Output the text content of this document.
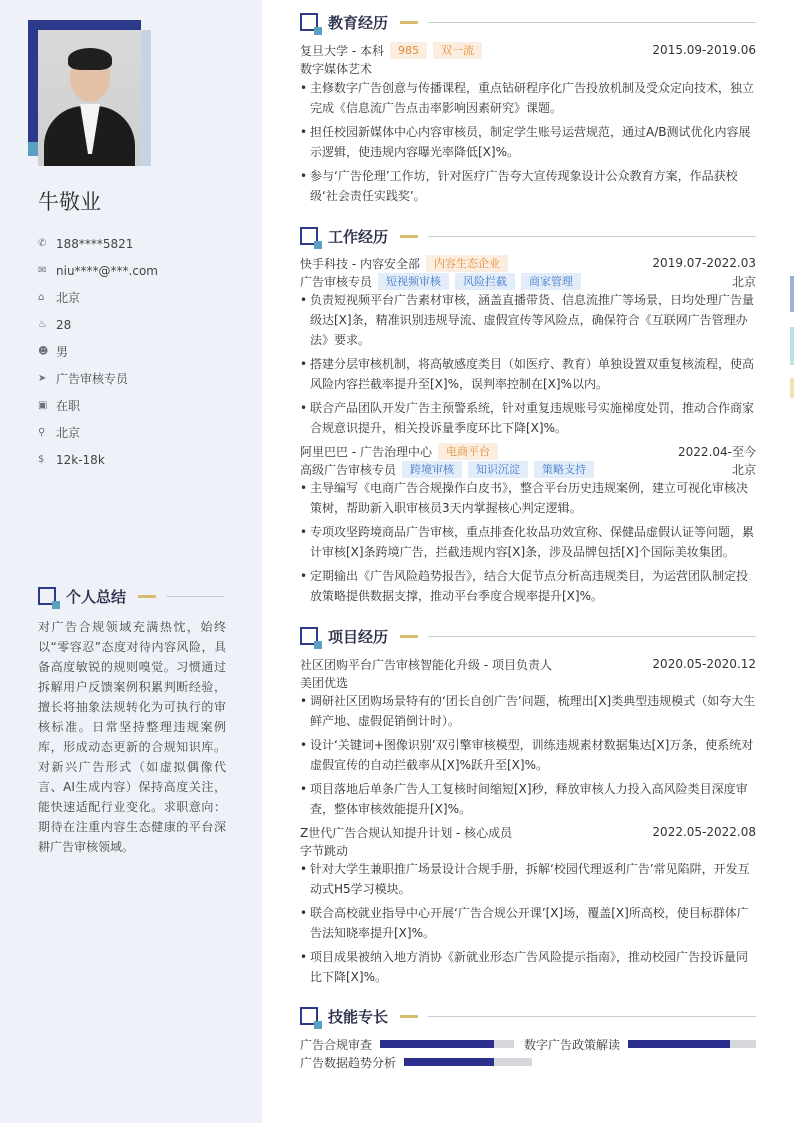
牛敬业
✆ 188****5821
✉ niu****@***.com
⌂ 北京
♨ 28
☻ 男
➤ 广告审核专员
▣ 在职
⚲ 北京
$ 12k-18k
个人总结
对广告合规领域充满热忱，始终以“零容忍”态度对待内容风险，具备高度敏锐的规则嗅觉。习惯通过拆解用户反馈案例积累判断经验，擅长将抽象法规转化为可执行的审核标准。日常坚持整理违规案例库，形成动态更新的合规知识库。对新兴广告形式（如虚拟偶像代言、AI生成内容）保持高度关注，能快速适配行业变化。求职意向：期待在注重内容生态健康的平台深耕广告审核领域。
教育经历
复旦大学 - 本科	985	双一流	2015.09-2019.06
数字媒体艺术
• 主修数字广告创意与传播课程，重点钻研程序化广告投放机制及受众定向技术，独立完成《信息流广告点击率影响因素研究》课题。
• 担任校园新媒体中心内容审核员，制定学生账号运营规范，通过A/B测试优化内容展示逻辑，使违规内容曝光率降低[X]%。
• 参与‘广告伦理’工作坊，针对医疗广告夸大宣传现象设计公众教育方案，作品获校级‘社会责任实践奖’。
工作经历
快手科技 - 内容安全部	内容生态企业	2019.07-2022.03
广告审核专员	短视频审核	风险拦截	商家管理	北京
• 负责短视频平台广告素材审核，涵盖直播带货、信息流推广等场景，日均处理广告量级达[X]条，精准识别违规导流、虚假宣传等风险点，确保符合《互联网广告管理办法》要求。
• 搭建分层审核机制，将高敏感度类目（如医疗、教育）单独设置双重复核流程，使高风险内容拦截率提升至[X]%，误判率控制在[X]%以内。
• 联合产品团队开发广告主预警系统，针对重复违规账号实施梯度处罚，推动合作商家合规意识提升，相关投诉量季度环比下降[X]%。
阿里巴巴 - 广告治理中心	电商平台	2022.04-至今
高级广告审核专员	跨境审核	知识沉淀	策略支持	北京
• 主导编写《电商广告合规操作白皮书》，整合平台历史违规案例，建立可视化审核决策树，帮助新入职审核员3天内掌握核心判定逻辑。
• 专项攻坚跨境商品广告审核，重点排查化妆品功效宣称、保健品虚假认证等问题，累计审核[X]条跨境广告，拦截违规内容[X]条，涉及品牌包括[X]个国际美妆集团。
• 定期输出《广告风险趋势报告》，结合大促节点分析高违规类目，为运营团队制定投放策略提供数据支撑，推动平台季度合规率提升[X]%。
项目经历
社区团购平台广告审核智能化升级 - 项目负责人	2020.05-2020.12
美团优选
• 调研社区团购场景特有的‘团长自创广告’问题，梳理出[X]类典型违规模式（如夸大生鲜产地、虚假促销倒计时）。
• 设计‘关键词+图像识别’双引擎审核模型，训练违规素材数据集达[X]万条，使系统对虚假宣传的自动拦截率从[X]%跃升至[X]%。
• 项目落地后单条广告人工复核时间缩短[X]秒，释放审核人力投入高风险类目深度审查，整体审核效能提升[X]%。
Z世代广告合规认知提升计划 - 核心成员	2022.05-2022.08
字节跳动
• 针对大学生兼职推广场景设计合规手册，拆解‘校园代理返利广告’常见陷阱，开发互动式H5学习模块。
• 联合高校就业指导中心开展‘广告合规公开课’[X]场，覆盖[X]所高校，使目标群体广告法知晓率提升[X]%。
• 项目成果被纳入地方消协《新就业形态广告风险提示指南》，推动校园广告投诉量同比下降[X]%。
技能专长
广告合规审查	数字广告政策解读
广告数据趋势分析
